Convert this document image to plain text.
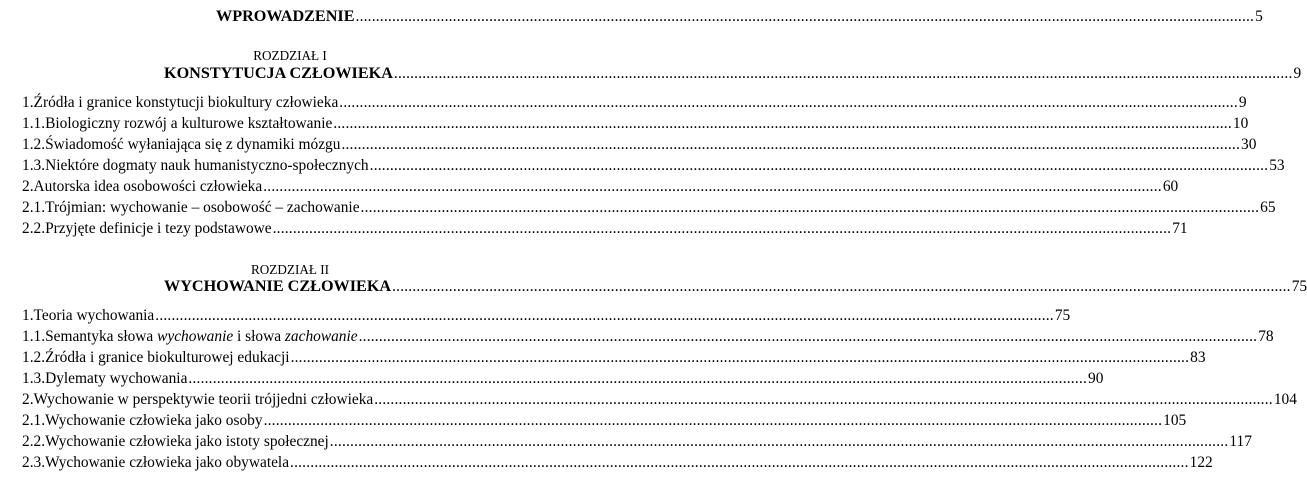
WPROWADZENIE .............................................................................................................................................................................................................................. 5
ROZDZIAŁ I
KONSTYTUCJA CZŁOWIEKA .............................................................................................................................................................................................................................. 9
1. Źródła i granice konstytucji biokultury człowieka .............................................................................................................................................................................................................................. 9
1.1. Biologiczny rozwój a kulturowe kształtowanie .............................................................................................................................................................................................................................. 10
1.2. Świadomość wyłaniająca się z dynamiki mózgu .............................................................................................................................................................................................................................. 30
1.3. Niektóre dogmaty nauk humanistyczno-społecznych .............................................................................................................................................................................................................................. 53
2. Autorska idea osobowości człowieka .............................................................................................................................................................................................................................. 60
2.1. Trójmian: wychowanie – osobowość – zachowanie .............................................................................................................................................................................................................................. 65
2.2. Przyjęte definicje i tezy podstawowe .............................................................................................................................................................................................................................. 71
ROZDZIAŁ II
WYCHOWANIE CZŁOWIEKA .............................................................................................................................................................................................................................. 75
1. Teoria wychowania .............................................................................................................................................................................................................................. 75
1.1. Semantyka słowa wychowanie i słowa zachowanie .............................................................................................................................................................................................................................. 78
1.2. Źródła i granice biokulturowej edukacji .............................................................................................................................................................................................................................. 83
1.3. Dylematy wychowania .............................................................................................................................................................................................................................. 90
2. Wychowanie w perspektywie teorii trójjedni człowieka .............................................................................................................................................................................................................................. 104
2.1. Wychowanie człowieka jako osoby .............................................................................................................................................................................................................................. 105
2.2. Wychowanie człowieka jako istoty społecznej .............................................................................................................................................................................................................................. 117
2.3. Wychowanie człowieka jako obywatela .............................................................................................................................................................................................................................. 122
